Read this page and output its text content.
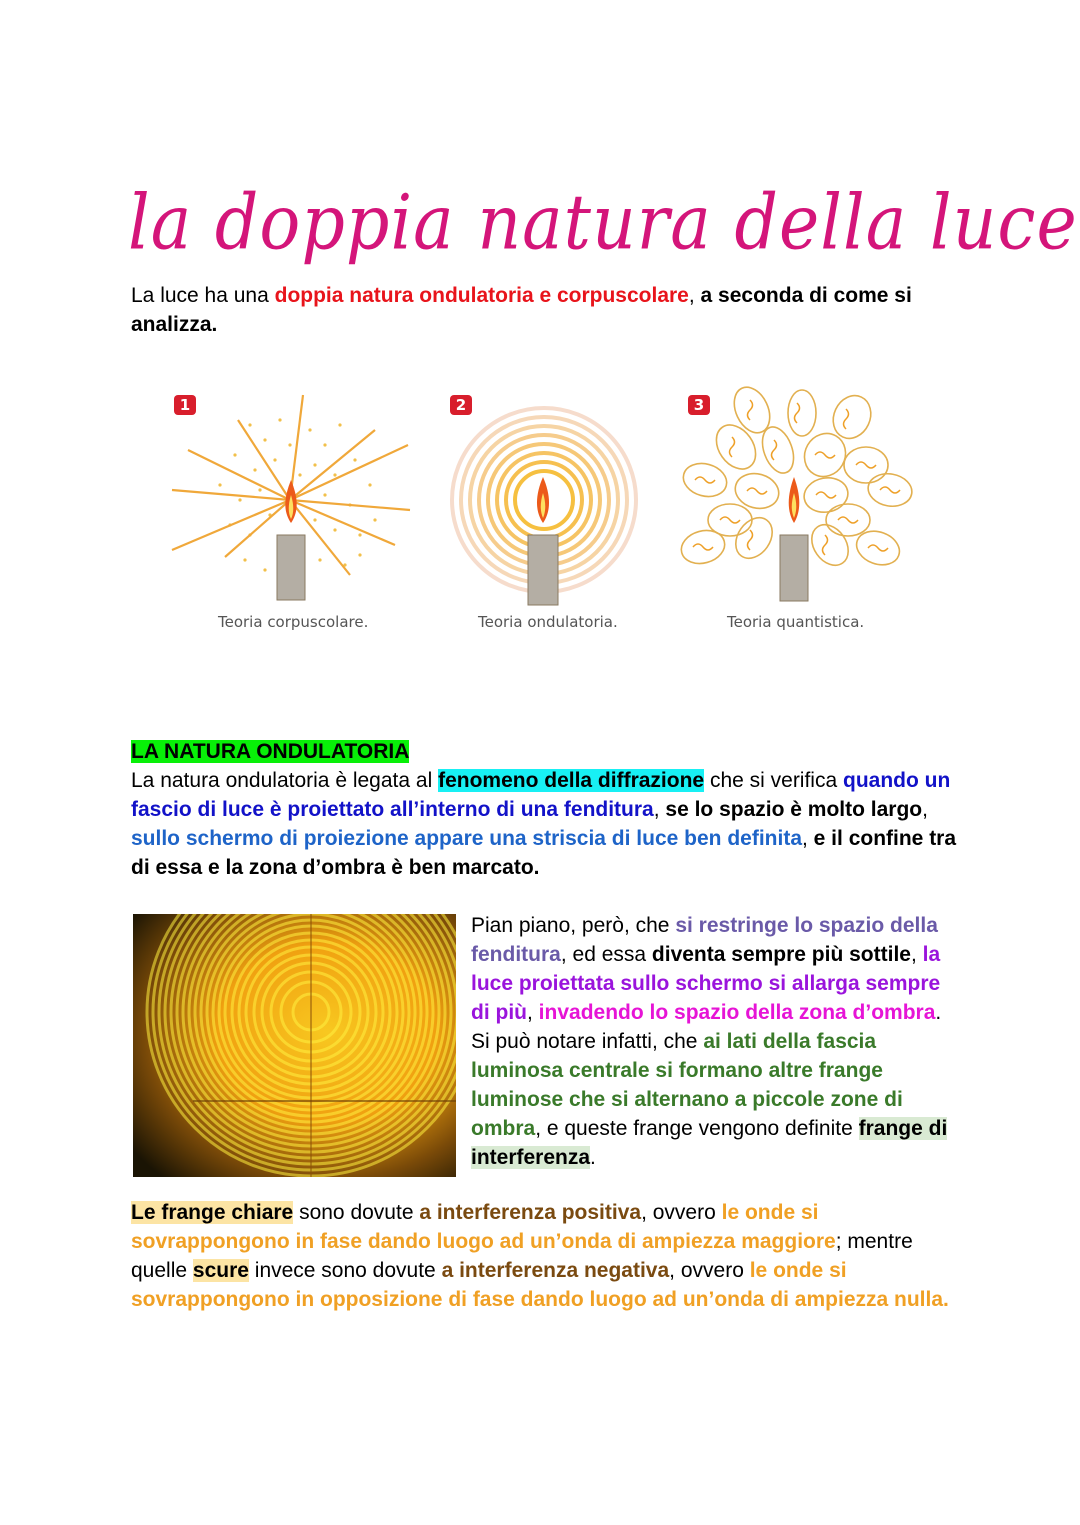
la doppia natura della luce
La luce ha una doppia natura ondulatoria e corpuscolare, a seconda di come si analizza.
1
Teoria corpuscolare.
2
Teoria ondulatoria.
3
Teoria quantistica.
LA NATURA ONDULATORIA
La natura ondulatoria è legata al fenomeno della diffrazione che si verifica quando un fascio di luce è proiettato all’interno di una fenditura, se lo spazio è molto largo, sullo schermo di proiezione appare una striscia di luce ben definita, e il confine tra di essa e la zona d’ombra è ben marcato.
Pian piano, però, che si restringe lo spazio della fenditura, ed essa diventa sempre più sottile, la luce proiettata sullo schermo si allarga sempre di più, invadendo lo spazio della zona d’ombra. Si può notare infatti, che ai lati della fascia luminosa centrale si formano altre frange luminose che si alternano a piccole zone di ombra, e queste frange vengono definite frange di interferenza.
Le frange chiare sono dovute a interferenza positiva, ovvero le onde si sovrappongono in fase dando luogo ad un’onda di ampiezza maggiore; mentre quelle scure invece sono dovute a interferenza negativa, ovvero le onde si sovrappongono in opposizione di fase dando luogo ad un’onda di ampiezza nulla.
